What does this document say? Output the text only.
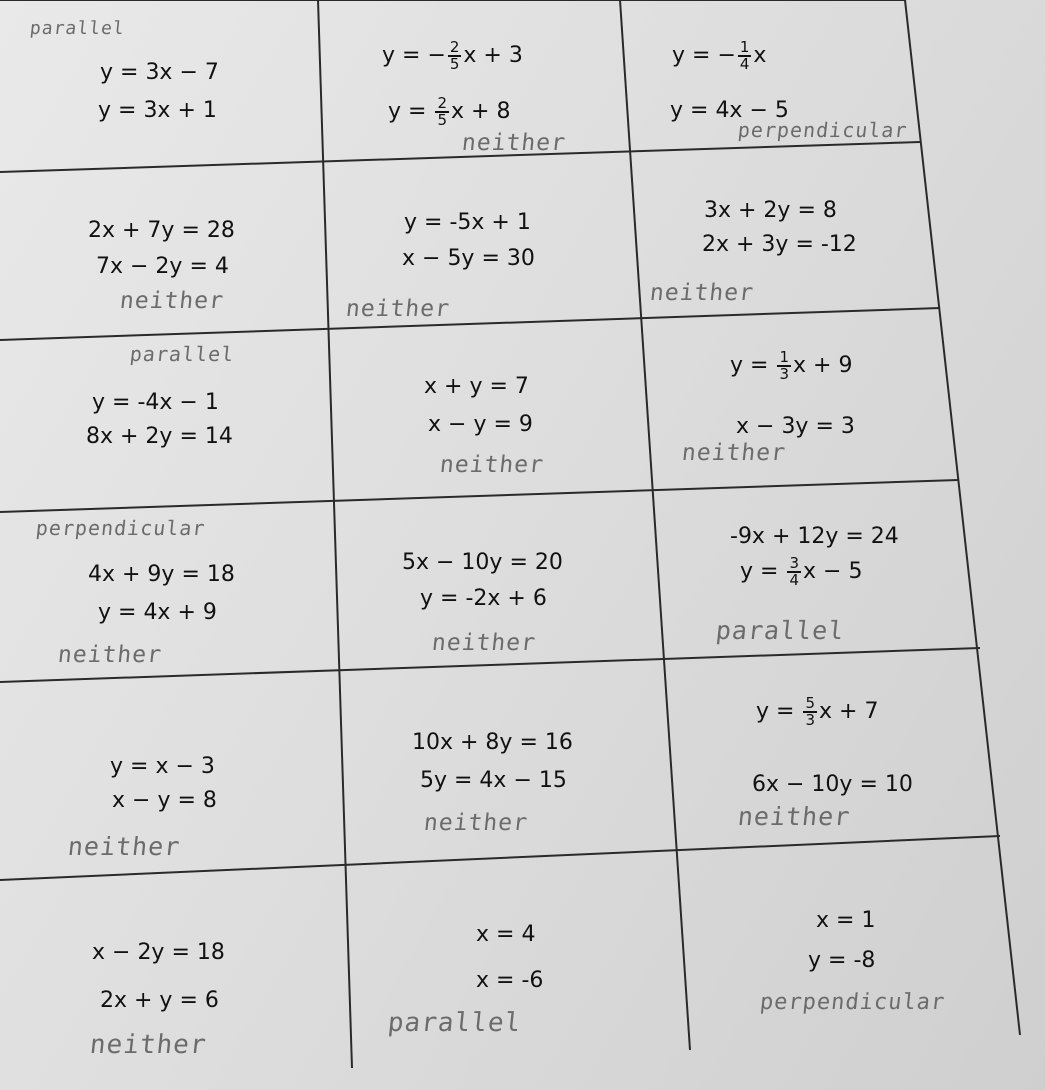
parallel
y = 3x − 7
y = 3x + 1
y = − $\frac{2}{5}$ x + 3
$y = \frac{2}{5}$ x + 8
neither
y = − $\frac{1}{4}$ x
y = 4x − 5
perpendicular
2x + 7y = 28
7x − 2y = 4
neither
y = -5x + 1
x − 5y = 30
neither
3x + 2y = 8
2x + 3y = -12
neither
parallel
y = -4x − 1
8x + 2y = 14
x + y = 7
x − y = 9
neither
$y = \frac{1}{3}$ x + 9
x − 3y = 3
neither
perpendicular
4x + 9y = 18
y = 4x + 9
neither
5x − 10y = 20
y = -2x + 6
neither
-9x + 12y = 24
$y = \frac{3}{4}$ x − 5
parallel
y = x − 3
x − y = 8
neither
10x + 8y = 16
5y = 4x − 15
neither
$y = \frac{5}{3}$ x + 7
6x − 10y = 10
neither
x − 2y = 18
2x + y = 6
neither
x = 4
x = -6
parallel
x = 1
y = -8
perpendicular
